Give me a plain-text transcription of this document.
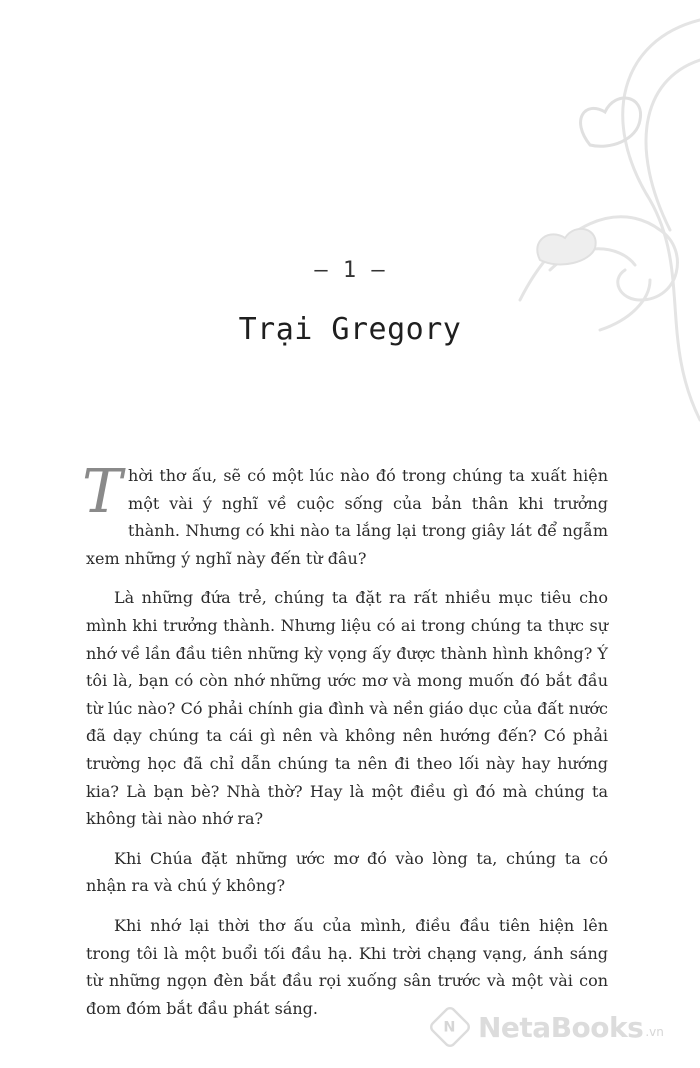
— 1 —
Trại Gregory

Thời thơ ấu, sẽ có một lúc nào đó trong chúng ta xuất hiện một vài ý nghĩ về cuộc sống của bản thân khi trưởng thành. Nhưng có khi nào ta lắng lại trong giây lát để ngẫm xem những ý nghĩ này đến từ đâu?

Là những đứa trẻ, chúng ta đặt ra rất nhiều mục tiêu cho mình khi trưởng thành. Nhưng liệu có ai trong chúng ta thực sự nhớ về lần đầu tiên những kỳ vọng ấy được thành hình không? Ý tôi là, bạn có còn nhớ những ước mơ và mong muốn đó bắt đầu từ lúc nào? Có phải chính gia đình và nền giáo dục của đất nước đã dạy chúng ta cái gì nên và không nên hướng đến? Có phải trường học đã chỉ dẫn chúng ta nên đi theo lối này hay hướng kia? Là bạn bè? Nhà thờ? Hay là một điều gì đó mà chúng ta không tài nào nhớ ra?

Khi Chúa đặt những ước mơ đó vào lòng ta, chúng ta có nhận ra và chú ý không?

Khi nhớ lại thời thơ ấu của mình, điều đầu tiên hiện lên trong tôi là một buổi tối đầu hạ. Khi trời chạng vạng, ánh sáng từ những ngọn đèn bắt đầu rọi xuống sân trước và một vài con đom đóm bắt đầu phát sáng.

N NetaBooks .vn
